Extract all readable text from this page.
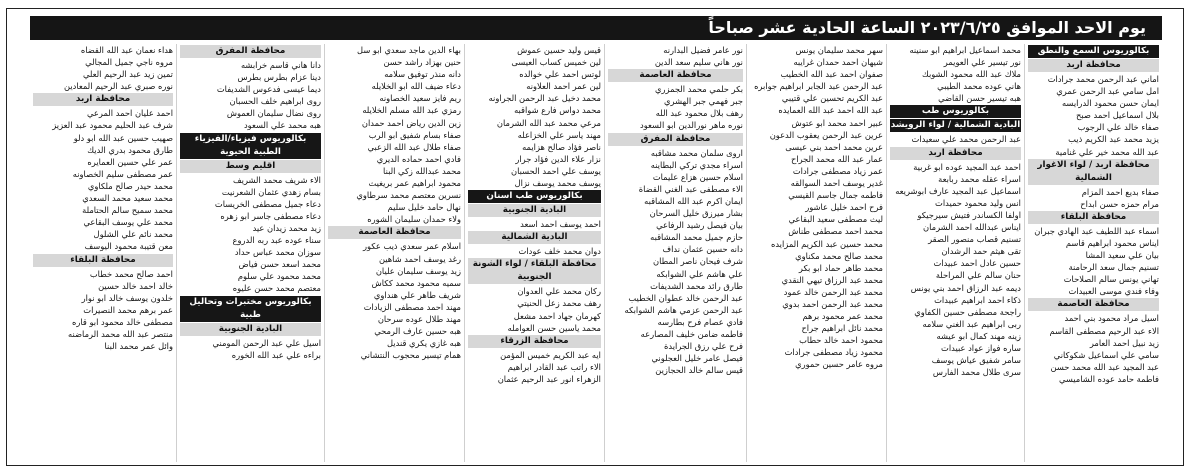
يوم الاحد الموافق ٢٠٢٣/٦/٢٥ الساعة الحادية عشر صباحاً
بكالوريوس السمع والنطق
محافظة اربد
اماني عبد الرحمن محمد جرادات
امل سامي عبد الرحمن عمري
ايمان حسن محمود الدرايسه
بلال اسماعيل احمد صبح
صفاء خالد علي الرجوب
يزيد محمد عبد الكريم ذيب
عبد الله محمد خير علي غنامية
محافظة اربد / لواء الاغوار الشمالية
صفاء بديع احمد المزام
مرام حمزه حسن ابداح
محافظة البلقاء
اسماء عبد اللطيف عبد الهادي جبران
ايناس محمود ابراهيم قاسم
بيان علي سعيد المشا
تسنيم جمال سعد الرحامنة
تهاني يونس سالم الصلاحات
وفاء فندي موسى العبيدات
محافظة العاصمة
اسيل مراد محمود بني احمد
الاء عبد الرحيم مصطفى القاسم
زيد نبيل احمد العامر
سامي علي اسماعيل شكوكاني
عبد المجيد عبد الله محمد حسن
فاطمة حامد عوده الشاميسي
محمد اسماعيل ابراهيم ابو سنينه
نور تيسير علي العويمر
ملاك عبد الله محمود الشوبك
هاني عوده محمد الطيبي
هبه تيسير حسن القاضي
بكالوريوس طب
البادية الشمالية / لواء الرويشد
عبد الرحمن محمد علي سعيدات
محافظة اربد
احمد عبد المجيد عوده ابو غربية
اسراء عقله محمد ربابعة
اسماعيل عبد المجيد عارف ابوشريعه
انس وليد محمود حميدات
اولفا الكساندر فتيش سيرجيكو
ايناس عبدالله احمد الشرمان
تسنيم قصاب منصور الصقر
تقى هيثم حمد الرشدان
حسين عادل احمد عبيدات
حنان سالم علي المراحلة
ديمه عبد الرزاق احمد بني يونس
ذكاء احمد ابراهيم عبيدات
راجحة مصطفى حسين الكفاوي
ربى ابراهيم عبد الغني سلامه
زينه مهند كمال ابو عيشه
ساره فواز عواد عبيدات
سامر شفيق عياش يوسف
سرى طلال محمد الفارس
سهر محمد سليمان يونس
شيهان احمد حمدان غرايبه
صفوان احمد عبد الله الخطيب
عبد الرحمن عبد الجابر ابراهيم جوابره
عبد الكريم تحسين علي قتيبي
عبد الله احمد عبد الله العمايده
عبير احمد محمد ابو عتوش
عرين عبد الرحمن يعقوب الدعون
عرين محمد احمد بني عيسى
عمار عبد الله محمد الجراح
عمر زياد مصطفى جرادات
غدير يوسف احمد السوالقه
فاطمه جمال جاسم القيسي
فرح احمد خليل عاشور
ليث مصطفى سعيد البقاعي
محمد احمد مصطفى طناش
محمد حسين عبد الكريم المزايده
محمد صالح محمد مكناوي
محمد طاهر حماد ابو بكر
محمد عبد الرزاق تيهي النقدي
محمد عبد الرحمن خالد عمود
محمد عبد الرحمن احمد بدوي
محمد عمر محمود برهم
محمد نائل ابراهيم جراح
محمود احمد خالد حطاب
محمود زياد مصطفى جرادات
مروه عامر حسين حموري
نور عامر فضيل البدارنه
نور هاني سليم سعد الدين
محافظة العاصمة
بكر حلمي محمد الجمزري
جبر فهمي جبر الهشري
رهف بلال محمود عبد الله
نوره ماهر نورالدين ابو السعود
محافظة المفرق
اروى سلمان محمد مشاقبه
اسراء مجدي تركي البطاينه
اسلام حسين هزاع عليمات
الاء مصطفى عبد الغني القضاة
ايمان اكرم عبد الله المشاقبه
بشار ميرزق خليل السرحان
بيان فيصل رشيد الرفاعي
حازم جميل محمد المشاقبه
دانه حسين عثمان نداف
شرف فيحان ناصر المطان
علي هاشم علي الشوابكه
طارق رائد محمد الشديفات
عبد الرحمن خالد عطوان الخطيب
عبد الرحمن عزمي هاشم الشوابكه
فادي عصام فرح بطارسه
فاطمه ضامن خليف المصارعه
فرح علي رزق الجرايدة
فيصل عامر خليل العجلوني
قيس سالم خالد الحجازين
قيس وليد حسين عموش
لين خميس كساب العيسى
لوتس احمد علي خوالده
لين عمر احمد العلاونه
محمد دخيل عبد الرحمن الجراونه
محمد دواس فارع شواقبه
مرعي محمد عبد الله الشرمان
مهند ياسر علي الخزاعله
ناصر فؤاد صالح هزايمه
نزار علاء الدين فؤاد جرار
يوسف علي احمد الحسبان
يوسف محمد يوسف نزال
بكالوريوس طب اسنان
البادية الجنوبية
احمد يوسف احمد اسعد
البادية الشمالية
دوان محمد خلف عودات
محافظة البلقاء / لواء الشونة الجنوبية
ركان محمد علي العدوان
رهف محمد زعل الحنيتي
كهرمان جهاد احمد مشعل
محمد ياسين حسن العوامله
محافظة الزرقاء
ايه عبد الكريم خميس المؤمن
الاء راتب عبد القادر ابراهيم
الزهراء انور عبد الرحيم عثمان
بهاء الدين ماجد سعدي ابو سل
حنين بهزاد راشد حسن
دانه منذر توفيق سلامه
دعاء ضيف الله ابو الخلايله
ريم فايز سعيد الخصاونه
رمزي عبد الله مسلم الخلايله
زين الدين رياض احمد حمدان
صفاء بسام شفيق ابو الرب
صفاء طلال عبد الله الزعبي
فادي احمد حماده الديري
محمد عبدالله زكي البنا
محمود ابراهيم عمر بريغيث
نسرين معتصم محمد سرطاوي
نهال حامد خليل سليم
ولاء حمدان سليمان الشوره
محافظة العاصمة
اسلام عمر سعدي ذيب عكور
رغد يوسف احمد شاهين
زيد يوسف سليمان عليان
سميه محمود محمد ككاش
شريف طاهر علي هنداوي
مهند احمد مصطفى الزيادات
مهند طلال عوده سرحان
هبه حسين عارف الرمحي
هبه غازي يكري قنديل
همام تيسير محجوب النتشاني
محافظة المفرق
دانا هاني قاسم خرابشه
دينا عزام بطرس بطرس
ديما عيسى فدعوس الشديفات
روى ابراهيم خلف الحسبان
روى نضال سليمان العموش
هبه محمد علي السعود
بكالوريوس فيزياء/الفيزياء الطبية الحيوية
اقليم وسط
الاء شريف محمد الشريف
بسام زهدي عثمان الشعرنيت
دعاء جميل مصطفى الخريسات
دعاء مصطفى جاسر ابو زهره
زيد محمد زيدان عيد
سناء عوده عبد ربه الدروع
سوزان محمد عباس حداد
محمد اسعد حسن فياض
محمد محمود علي سلوم
معتصم محمد حسن عليوه
بكالوريوس مختبرات وتحاليل طبية
البادية الجنوبية
اسيل علي عبد الرحمن المومني
براءه علي عبد الله الخوره
هداء نعمان عبد الله القضاه
مروه ناجي جميل المجالي
تمين زيد عبد الرحيم العلي
نوره صبري عبد الرحيم المعادين
محافظة اربد
احمد عليان احمد المرعي
شرف عبد الحليم محمود عبد العزيز
صهيب حسين عبد الله ابو دلو
طارق محمود بدري الديك
عمر علي حسين العمايره
عمر مصطفى سليم الخصاونه
محمد حيدر صالح ملكاوي
محمد سعيد محمد السعدي
محمد سميح سالم الحتاملة
محمد علي يوسف البقاعي
محمد نائم علي الشلول
معن قتيبة محمود اليوسف
محافظة البلقاء
احمد صالح محمد خطاب
خالد احمد خالد حسين
خلدون يوسف خالد ابو نوار
عمر برهم محمد النصيرات
مصطفى خالد محمود ابو قاره
منتصر عبد الله محمد الرماضنه
وائل عمر محمد البنا
